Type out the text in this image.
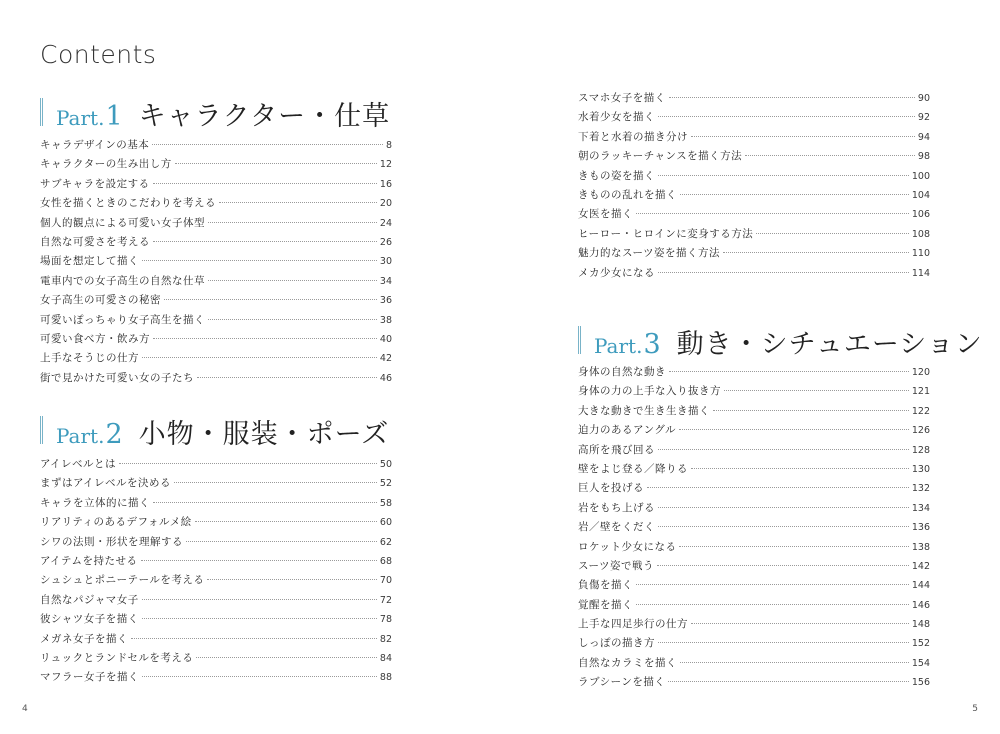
Contents
Part.1 キャラクター・仕草
キャラデザインの基本	8
キャラクターの生み出し方	12
サブキャラを設定する	16
女性を描くときのこだわりを考える	20
個人的観点による可愛い女子体型	24
自然な可愛さを考える	26
場面を想定して描く	30
電車内での女子高生の自然な仕草	34
女子高生の可愛さの秘密	36
可愛いぽっちゃり女子高生を描く	38
可愛い食べ方・飲み方	40
上手なそうじの仕方	42
街で見かけた可愛い女の子たち	46
Part.2 小物・服装・ポーズ
アイレベルとは	50
まずはアイレベルを決める	52
キャラを立体的に描く	58
リアリティのあるデフォルメ絵	60
シワの法則・形状を理解する	62
アイテムを持たせる	68
シュシュとポニーテールを考える	70
自然なパジャマ女子	72
彼シャツ女子を描く	78
メガネ女子を描く	82
リュックとランドセルを考える	84
マフラー女子を描く	88
4
スマホ女子を描く	90
水着少女を描く	92
下着と水着の描き分け	94
朝のラッキーチャンスを描く方法	98
きもの姿を描く	100
きものの乱れを描く	104
女医を描く	106
ヒーロー・ヒロインに変身する方法	108
魅力的なスーツ姿を描く方法	110
メカ少女になる	114
Part.3 動き・シチュエーション
身体の自然な動き	120
身体の力の上手な入り抜き方	121
大きな動きで生き生き描く	122
迫力のあるアングル	126
高所を飛び回る	128
壁をよじ登る／降りる	130
巨人を投げる	132
岩をもち上げる	134
岩／壁をくだく	136
ロケット少女になる	138
スーツ姿で戦う	142
負傷を描く	144
覚醒を描く	146
上手な四足歩行の仕方	148
しっぽの描き方	152
自然なカラミを描く	154
ラブシーンを描く	156
5
